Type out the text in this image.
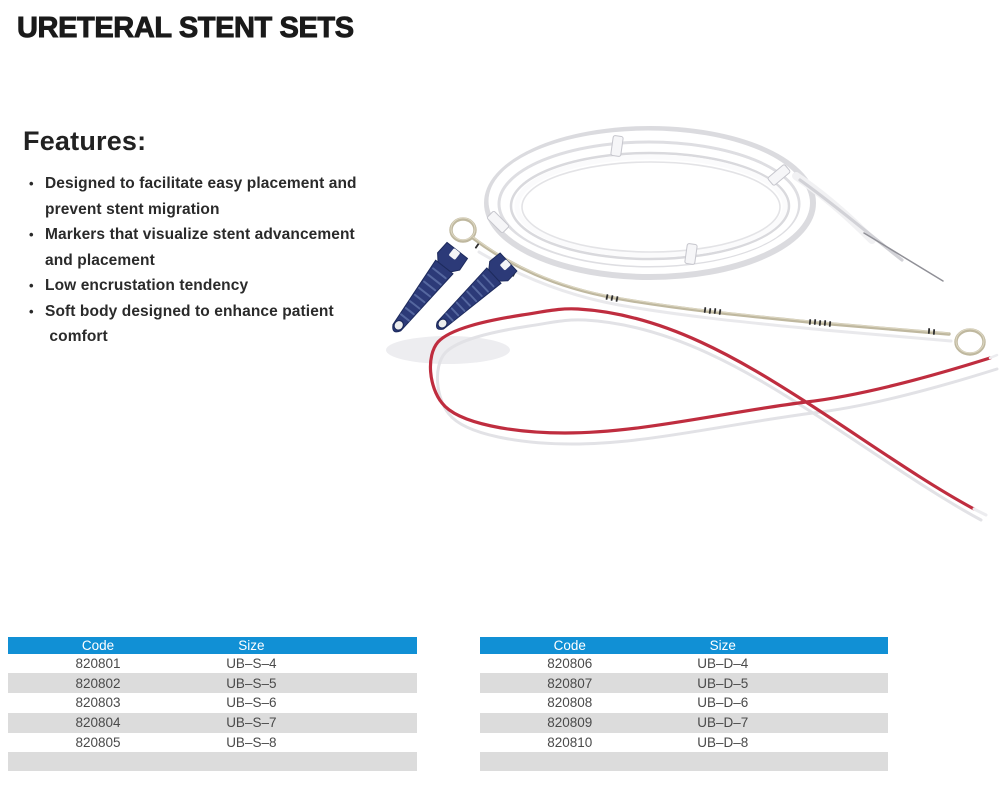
URETERAL STENT SETS
Features:
• Designed to facilitate easy placement and
prevent stent migration
• Markers that visualize stent advancement
and placement
• Low encrustation tendency
• Soft body designed to enhance patient
comfort
Code	Size
820801	UB–S–4
820802	UB–S–5
820803	UB–S–6
820804	UB–S–7
820805	UB–S–8
Code	Size
820806	UB–D–4
820807	UB–D–5
820808	UB–D–6
820809	UB–D–7
820810	UB–D–8
